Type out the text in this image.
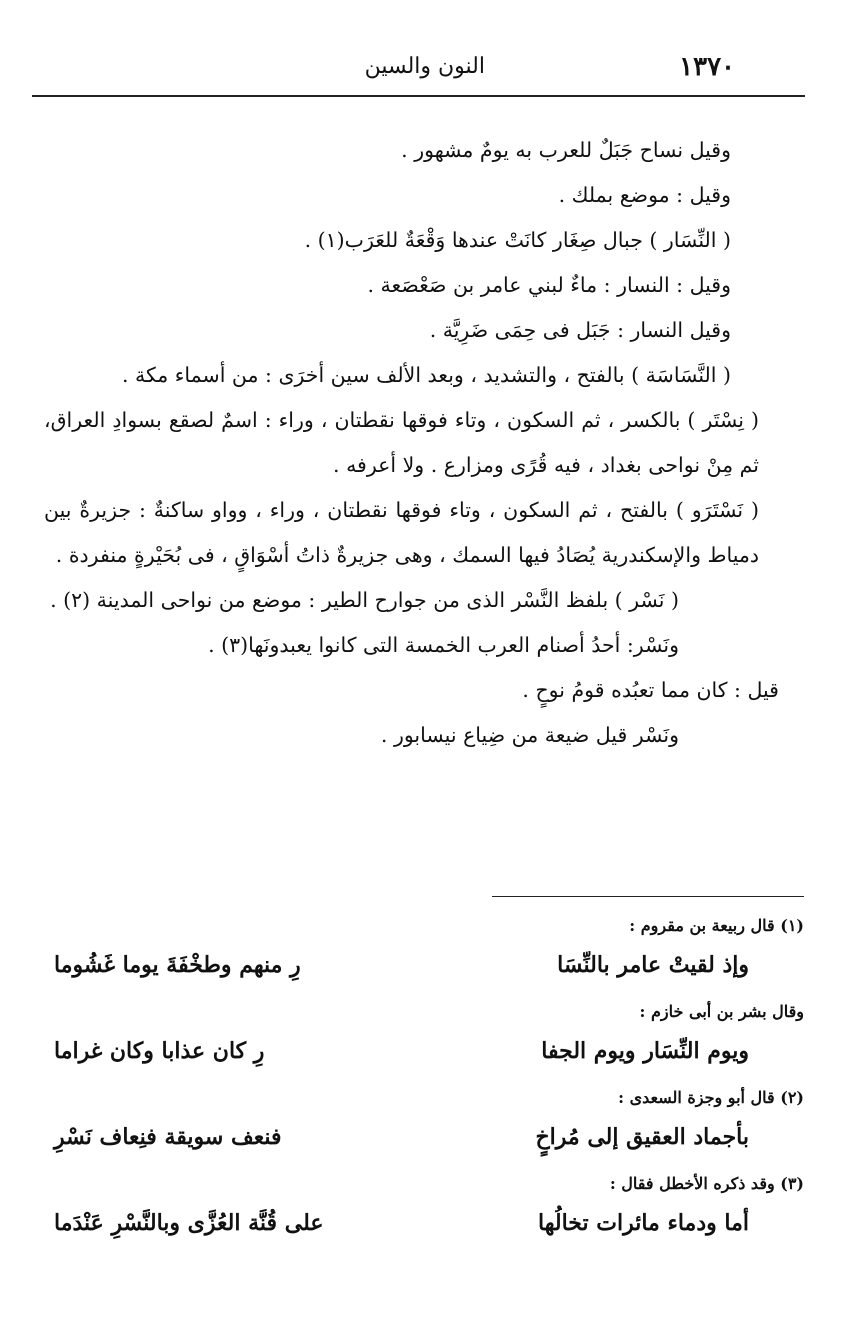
١٣٧٠
النون والسين

وقيل نساح جَبَلٌ للعرب به يومٌ مشهور .

وقيل : موضع بملك .

( النِّسَار ) جبال صِغَار كانَتْ عندها وَقْعَةٌ للعَرَب(١) .

وقيل : النسار : ماءٌ لبني عامر بن صَعْصَعة .

وقيل النسار : جَبَل فى حِمَى ضَرِيَّة .

( النَّسَاسَة ) بالفتح ، والتشديد ، وبعد الألف سين أخرَى : من أسماء مكة .

( نِسْتَر ) بالكسر ، ثم السكون ، وتاء فوقها نقطتان ، وراء : اسمٌ لصقع بسوادِ العراق، ثم مِنْ نواحى بغداد ، فيه قُرًى ومزارع . ولا أعرفه .

( نَسْتَرَو ) بالفتح ، ثم السكون ، وتاء فوقها نقطتان ، وراء ، وواو ساكنةٌ : جزيرةٌ بين دمياط والإسكندرية يُصَادُ فيها السمك ، وهى جزيرةٌ ذاتُ أسْوَاقٍ ، فى بُحَيْرةٍ منفردة .

( نَسْر ) بلفظ النَّسْر الذى من جوارح الطير : موضع من نواحى المدينة (٢) .

ونَسْر: أحدُ أصنام العرب الخمسة التى كانوا يعبدونَها(٣) .

قيل : كان مما تعبُده قومُ نوحٍ .

ونَسْر قيل ضيعة من ضِياع نيسابور .

(١) قال ربيعة بن مقروم :

وإذ لقيتْ عامر بالنِّسَا
رِ منهم وطخْفَةَ يوما غَشُوما

وقال بشر بن أبى خازم :

ويوم النِّسَار ويوم الجفا
رِ كان عذابا وكان غراما

(٢) قال أبو وجزة السعدى :

بأجماد العقيق إلى مُراخٍ
فنعف سويقة فنِعاف نَسْرِ

(٣) وقد ذكره الأخطل فقال :

أما ودماء مائرات تخالُها
على قُنَّة العُزَّى وبالنَّسْرِ عَنْدَما
